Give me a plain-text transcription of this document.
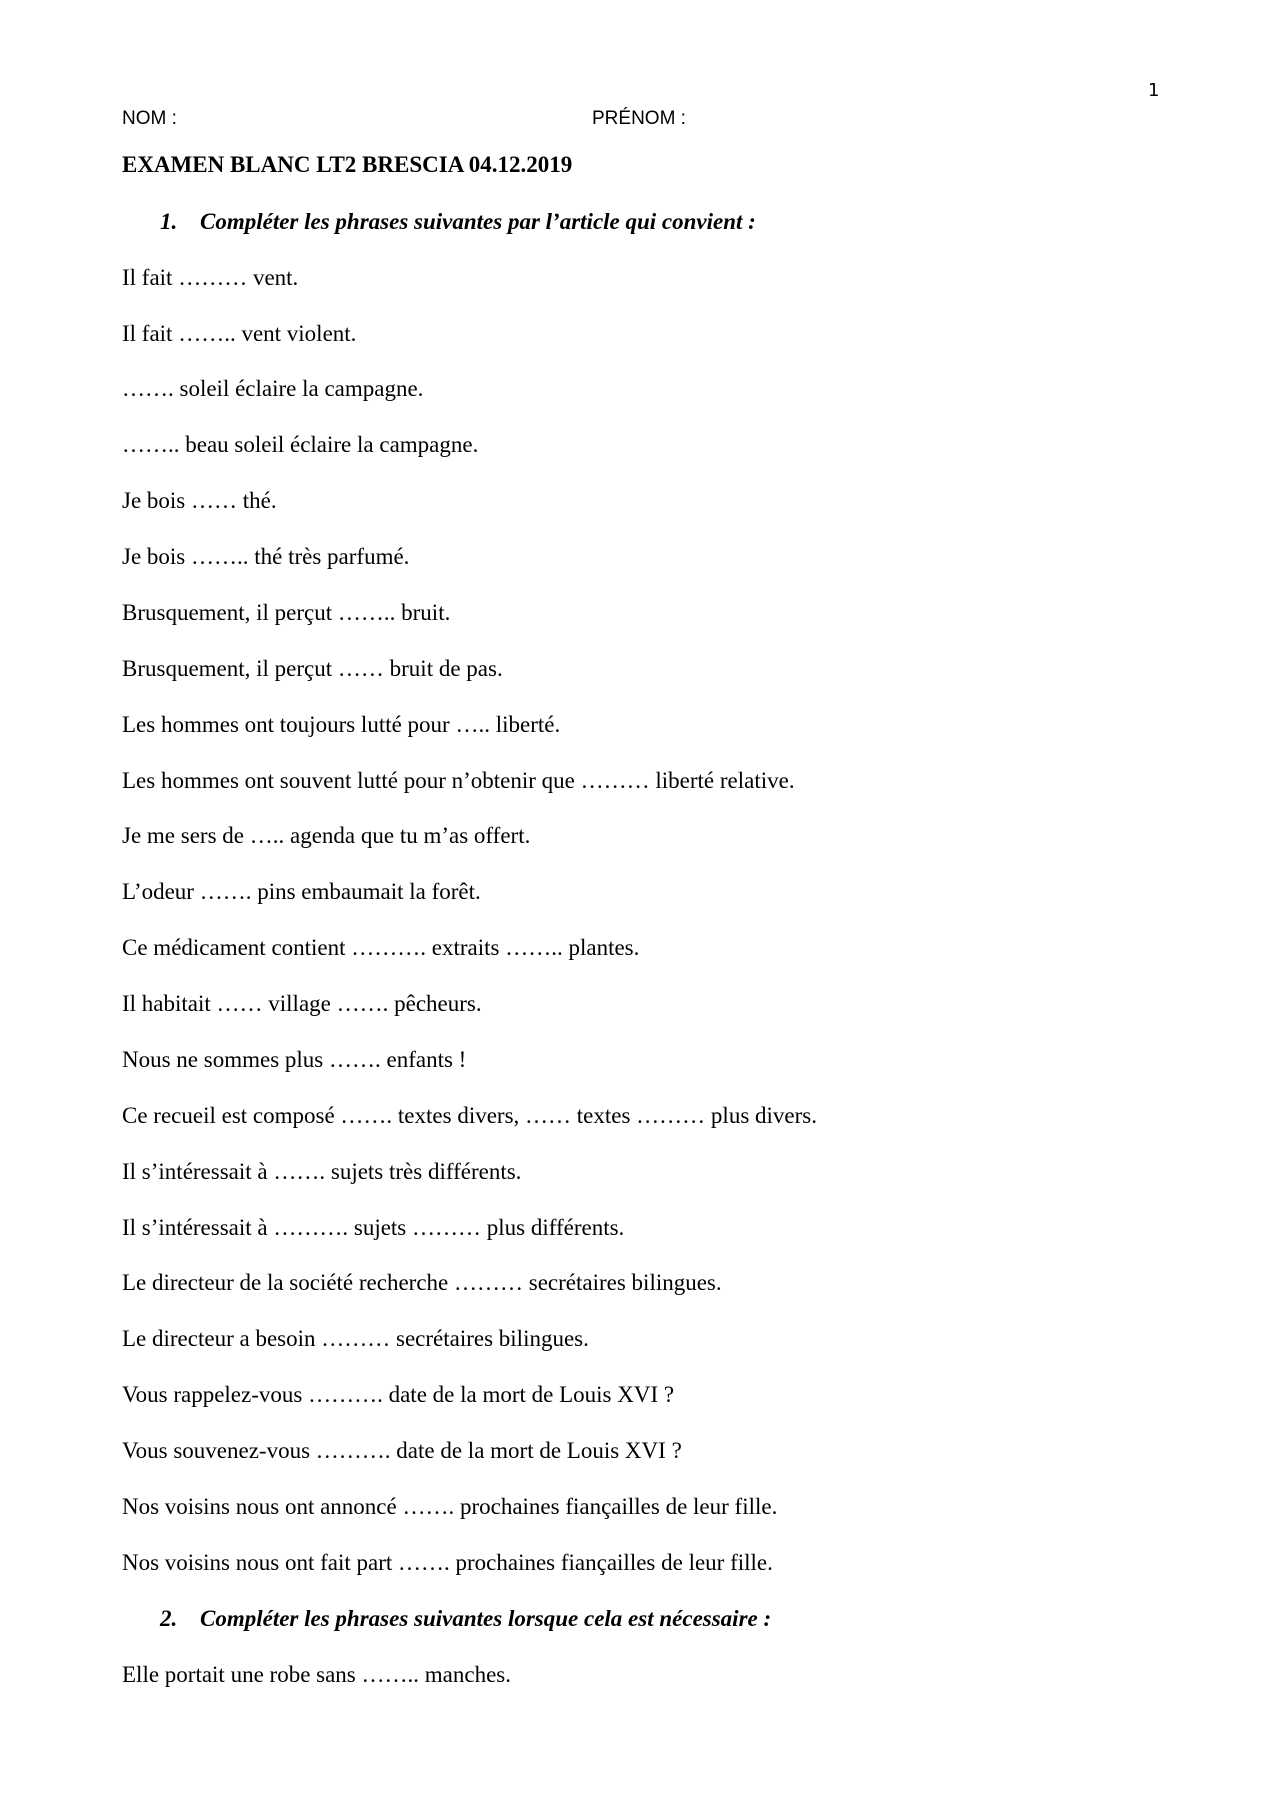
1
NOM :	PRÉNOM :
EXAMEN BLANC LT2 BRESCIA 04.12.2019
1. Compléter les phrases suivantes par l’article qui convient :

Il fait ……… vent.

Il fait …….. vent violent.

……. soleil éclaire la campagne.

…….. beau soleil éclaire la campagne.

Je bois …… thé.

Je bois …….. thé très parfumé.

Brusquement, il perçut …….. bruit.

Brusquement, il perçut …… bruit de pas.

Les hommes ont toujours lutté pour ….. liberté.

Les hommes ont souvent lutté pour n’obtenir que ……… liberté relative.

Je me sers de ….. agenda que tu m’as offert.

L’odeur ……. pins embaumait la forêt.

Ce médicament contient ………. extraits …….. plantes.

Il habitait …… village ……. pêcheurs.

Nous ne sommes plus ……. enfants !

Ce recueil est composé ……. textes divers, …… textes ……… plus divers.

Il s’intéressait à ……. sujets très différents.

Il s’intéressait à ………. sujets ……… plus différents.

Le directeur de la société recherche ……… secrétaires bilingues.

Le directeur a besoin ……… secrétaires bilingues.

Vous rappelez-vous ………. date de la mort de Louis XVI ?

Vous souvenez-vous ………. date de la mort de Louis XVI ?

Nos voisins nous ont annoncé ……. prochaines fiançailles de leur fille.

Nos voisins nous ont fait part ……. prochaines fiançailles de leur fille.

2. Compléter les phrases suivantes lorsque cela est nécessaire :

Elle portait une robe sans …….. manches.
